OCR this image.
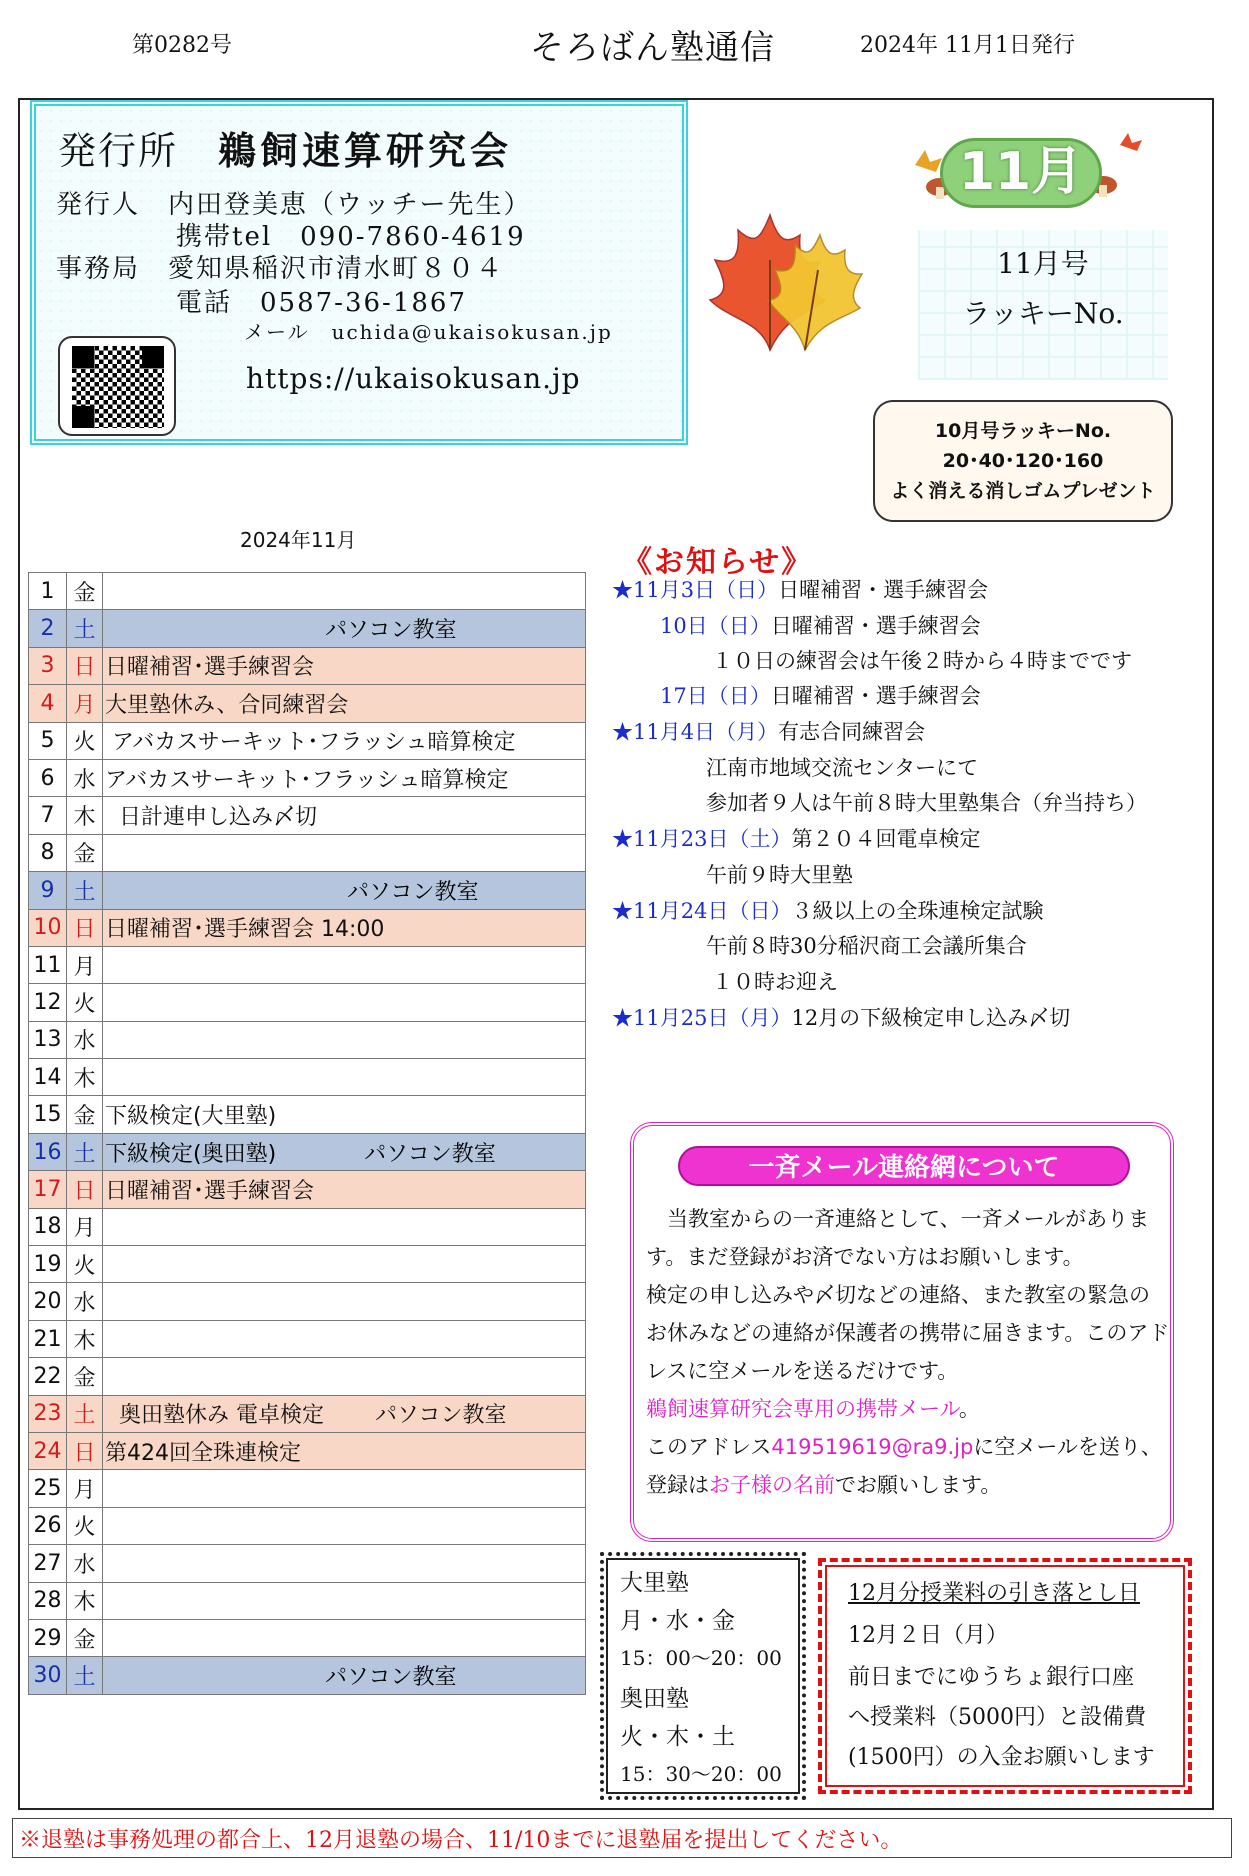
第0282号	そろばん塾通信	2024年 11月1日発行
発行所 鵜飼速算研究会
発行人　内田登美恵（ウッチー先生）
携帯tel　090-7860-4619
事務局　愛知県稲沢市清水町８０４
電話　0587-36-1867
メール　uchida@ukaisokusan.jp
https://ukaisokusan.jp
11月
11月号
ラッキーNo.
10月号ラッキーNo.
20･40･120･160
よく消える消しゴムプレゼント
2024年11月
1	金	
2	土	　　　　　　　　　　パソコン教室
3	日	日曜補習･選手練習会
4	月	大里塾休み、合同練習会
5	火	アバカスサーキット･フラッシュ暗算検定
6	水	アバカスサーキット･フラッシュ暗算検定
7	木	日計連申し込み〆切
8	金	
9	土	　　　　　　　　　　　パソコン教室
10	日	日曜補習･選手練習会 14:00
11	月	
12	火	
13	水	
14	木	
15	金	下級検定(大里塾)
16	土	下級検定(奥田塾)　　　　パソコン教室
17	日	日曜補習･選手練習会
18	月	
19	火	
20	水	
21	木	
22	金	
23	土	奥田塾休み 電卓検定 　　パソコン教室
24	日	第424回全珠連検定
25	月	
26	火	
27	水	
28	木	
29	金	
30	土	　　　　　　　　　　パソコン教室
《お知らせ》
★11月3日（日）日曜補習・選手練習会
10日（日）日曜補習・選手練習会
１０日の練習会は午後２時から４時までです
17日（日）日曜補習・選手練習会
★11月4日（月）有志合同練習会
江南市地域交流センターにて
参加者９人は午前８時大里塾集合（弁当持ち）
★11月23日（土）第２０４回電卓検定
午前９時大里塾
★11月24日（日）３級以上の全珠連検定試験
午前８時30分稲沢商工会議所集合
１０時お迎え
★11月25日（月）12月の下級検定申し込み〆切
一斉メール連絡網について
　当教室からの一斉連絡として、一斉メールがあります。まだ登録がお済でない方はお願いします。
検定の申し込みや〆切などの連絡、また教室の緊急のお休みなどの連絡が保護者の携帯に届きます。このアドレスに空メールを送るだけです。
鵜飼速算研究会専用の携帯メール。
このアドレス419519619@ra9.jpに空メールを送り、登録はお子様の名前でお願いします。
大里塾
月・水・金
15：00～20：00
奥田塾
火・木・土
15：30～20：00
12月分授業料の引き落とし日
12月２日（月）
前日までにゆうちょ銀行口座
へ授業料（5000円）と設備費
(1500円）の入金お願いします
※退塾は事務処理の都合上、12月退塾の場合、11/10までに退塾届を提出してください。
